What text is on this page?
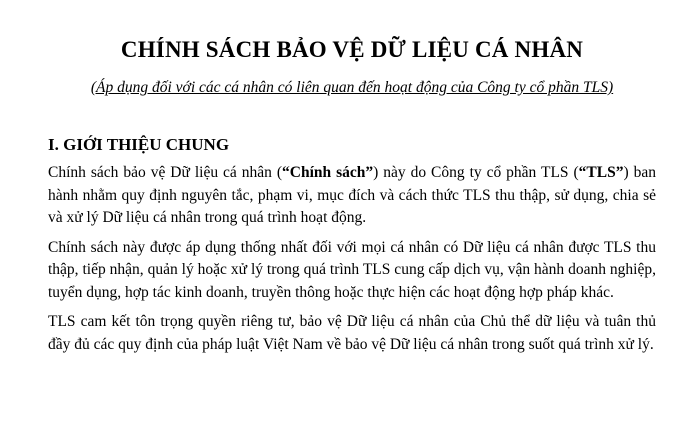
CHÍNH SÁCH BẢO VỆ DỮ LIỆU CÁ NHÂN

(Áp dụng đối với các cá nhân có liên quan đến hoạt động của Công ty cổ phần TLS)

I. GIỚI THIỆU CHUNG

Chính sách bảo vệ Dữ liệu cá nhân (“Chính sách”) này do Công ty cổ phần TLS (“TLS”) ban hành nhằm quy định nguyên tắc, phạm vi, mục đích và cách thức TLS thu thập, sử dụng, chia sẻ và xử lý Dữ liệu cá nhân trong quá trình hoạt động.

Chính sách này được áp dụng thống nhất đối với mọi cá nhân có Dữ liệu cá nhân được TLS thu thập, tiếp nhận, quản lý hoặc xử lý trong quá trình TLS cung cấp dịch vụ, vận hành doanh nghiệp, tuyển dụng, hợp tác kinh doanh, truyền thông hoặc thực hiện các hoạt động hợp pháp khác.

TLS cam kết tôn trọng quyền riêng tư, bảo vệ Dữ liệu cá nhân của Chủ thể dữ liệu và tuân thủ đầy đủ các quy định của pháp luật Việt Nam về bảo vệ Dữ liệu cá nhân trong suốt quá trình xử lý.
